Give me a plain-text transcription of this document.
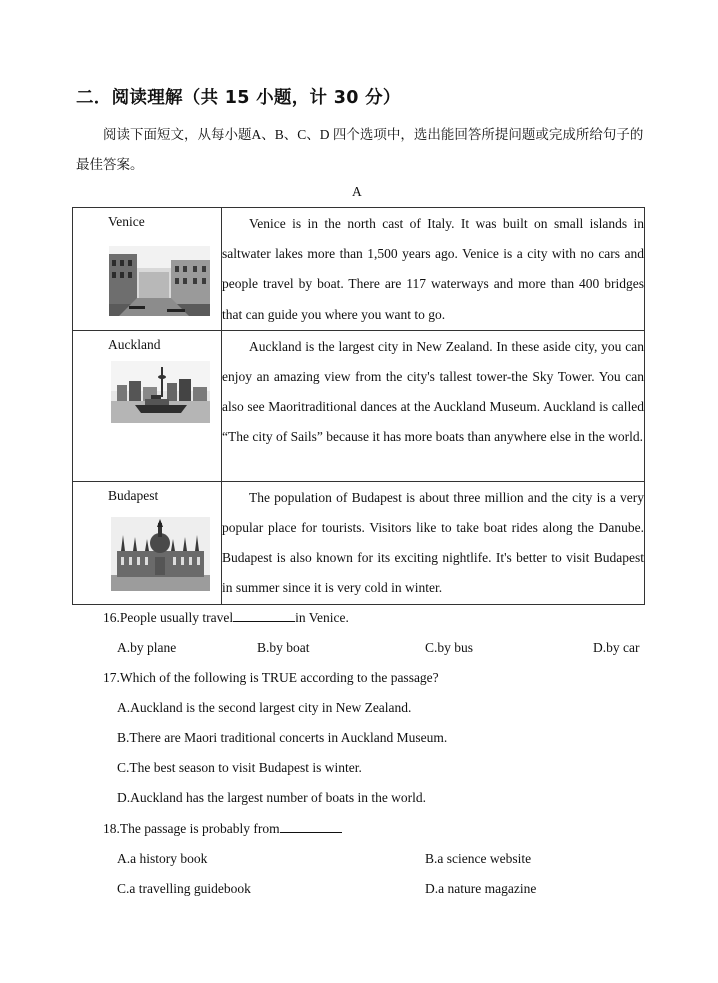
二．阅读理解（共 15 小题，计 30 分）
阅读下面短文，从每小题A、B、C、D 四个选项中，选出能回答所提问题或完成所给句子的最佳答案。
A
Venice	Venice is in the north cast of Italy. It was built on small islands in saltwater lakes more than 1,500 years ago. Venice is a city with no cars and people travel by boat. There are 117 waterways and more than 400 bridges that can guide you where you want to go.

Auckland	Auckland is the largest city in New Zealand. In these aside city, you can enjoy an amazing view from the city's tallest tower-the Sky Tower. You can also see Maoritraditional dances at the Auckland Museum. Auckland is called “The city of Sails” because it has more boats than anywhere else in the world.

Budapest	The population of Budapest is about three million and the city is a very popular place for tourists. Visitors like to take boat rides along the Danube. Budapest is also known for its exciting nightlife. It's better to visit Budapest in summer since it is very cold in winter.
16.People usually travel	in Venice.
A.by plane	B.by boat	C.by bus	D.by car
17.Which of the following is TRUE according to the passage?
A.Auckland is the second largest city in New Zealand.
B.There are Maori traditional concerts in Auckland Museum.
C.The best season to visit Budapest is winter.
D.Auckland has the largest number of boats in the world.
18.The passage is probably from
A.a history book	B.a science website
C.a travelling guidebook	D.a nature magazine
